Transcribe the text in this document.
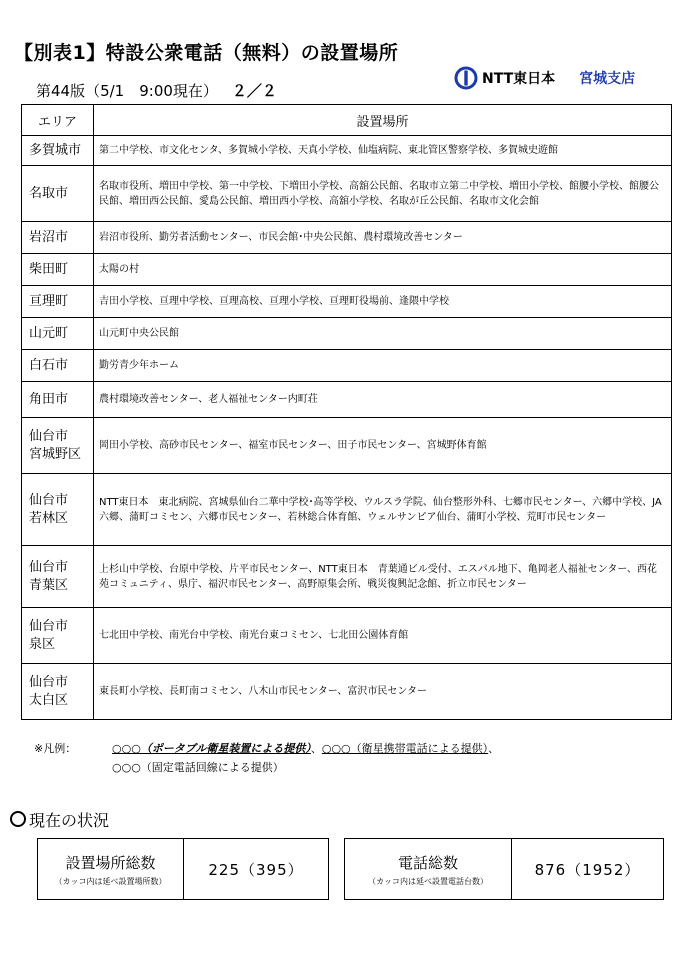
【別表1】特設公衆電話（無料）の設置場所
第44版（5/1　9:00現在） ２／２
NTT東日本 宮城支店
エリア	設置場所
多賀城市	第二中学校、市文化センタ、多賀城小学校、天真小学校、仙塩病院、東北管区警察学校、多賀城史遊館
名取市	名取市役所、増田中学校、第一中学校、下増田小学校、高舘公民館、名取市立第二中学校、増田小学校、館腰小学校、館腰公民館、増田西公民館、愛島公民館、増田西小学校、高舘小学校、名取が丘公民館、名取市文化会館
岩沼市	岩沼市役所、勤労者活動センター、市民会館･中央公民館、農村環境改善センター
柴田町	太陽の村
亘理町	吉田小学校、亘理中学校、亘理高校、亘理小学校、亘理町役場前、逢隈中学校
山元町	山元町中央公民館
白石市	勤労青少年ホーム
角田市	農村環境改善センター、老人福祉センター内町荘
仙台市
宮城野区	岡田小学校、高砂市民センター、福室市民センター、田子市民センター、宮城野体育館
仙台市
若林区	NTT東日本　東北病院、宮城県仙台二華中学校･高等学校、ウルスラ学院、仙台整形外科、七郷市民センター、六郷中学校、JA六郷、蒲町コミセン、六郷市民センター、若林総合体育館、ウェルサンピア仙台、蒲町小学校、荒町市民センター
仙台市
青葉区	上杉山中学校、台原中学校、片平市民センター、NTT東日本　青葉通ビル受付、エスパル地下、亀岡老人福祉センター、西花苑コミュニティ、県庁、福沢市民センター、高野原集会所、戦災復興記念館、折立市民センター
仙台市
泉区	七北田中学校、南光台中学校、南光台東コミセン、七北田公園体育館
仙台市
太白区	東長町小学校、長町南コミセン、八木山市民センター、富沢市民センター
※凡例：	○○○（ポータブル衛星装置による提供）、○○○（衛星携帯電話による提供）、
○○○（固定電話回線による提供）
現在の状況
設置場所総数
（カッコ内は延べ設置場所数）
	225（395）	電話総数
（カッコ内は延べ設置電話台数）
	876（1952）
